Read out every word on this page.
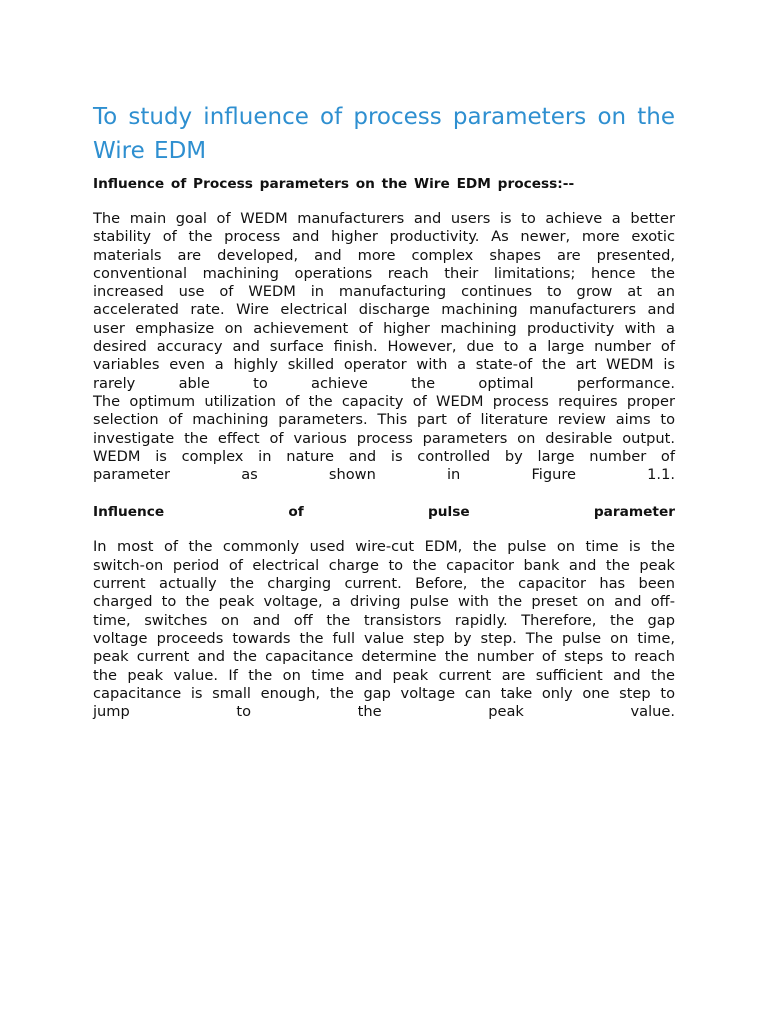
To study influence of process parameters on the Wire EDM
Influence of Process parameters on the Wire EDM process:--
The main goal of WEDM manufacturers and users is to achieve a better
stability of the process and higher productivity. As newer, more exotic
materials are developed, and more complex shapes are presented,
conventional machining operations reach their limitations; hence the
increased use of WEDM in manufacturing continues to grow at an
accelerated rate. Wire electrical discharge machining manufacturers and
user emphasize on achievement of higher machining productivity with a
desired accuracy and surface finish. However, due to a large number of
variables even a highly skilled operator with a state-of the art WEDM is
rarely able to achieve the optimal performance.
The optimum utilization of the capacity of WEDM process requires proper
selection of machining parameters. This part of literature review aims to
investigate the effect of various process parameters on desirable output.
WEDM is complex in nature and is controlled by large number of
parameter as shown in Figure 1.1.
Influence of pulse parameter
In most of the commonly used wire-cut EDM, the pulse on time is the
switch-on period of electrical charge to the capacitor bank and the peak
current actually the charging current. Before, the capacitor has been
charged to the peak voltage, a driving pulse with the preset on and off-
time, switches on and off the transistors rapidly. Therefore, the gap
voltage proceeds towards the full value step by step. The pulse on time,
peak current and the capacitance determine the number of steps to reach
the peak value. If the on time and peak current are sufficient and the
capacitance is small enough, the gap voltage can take only one step to
jump to the peak value.
